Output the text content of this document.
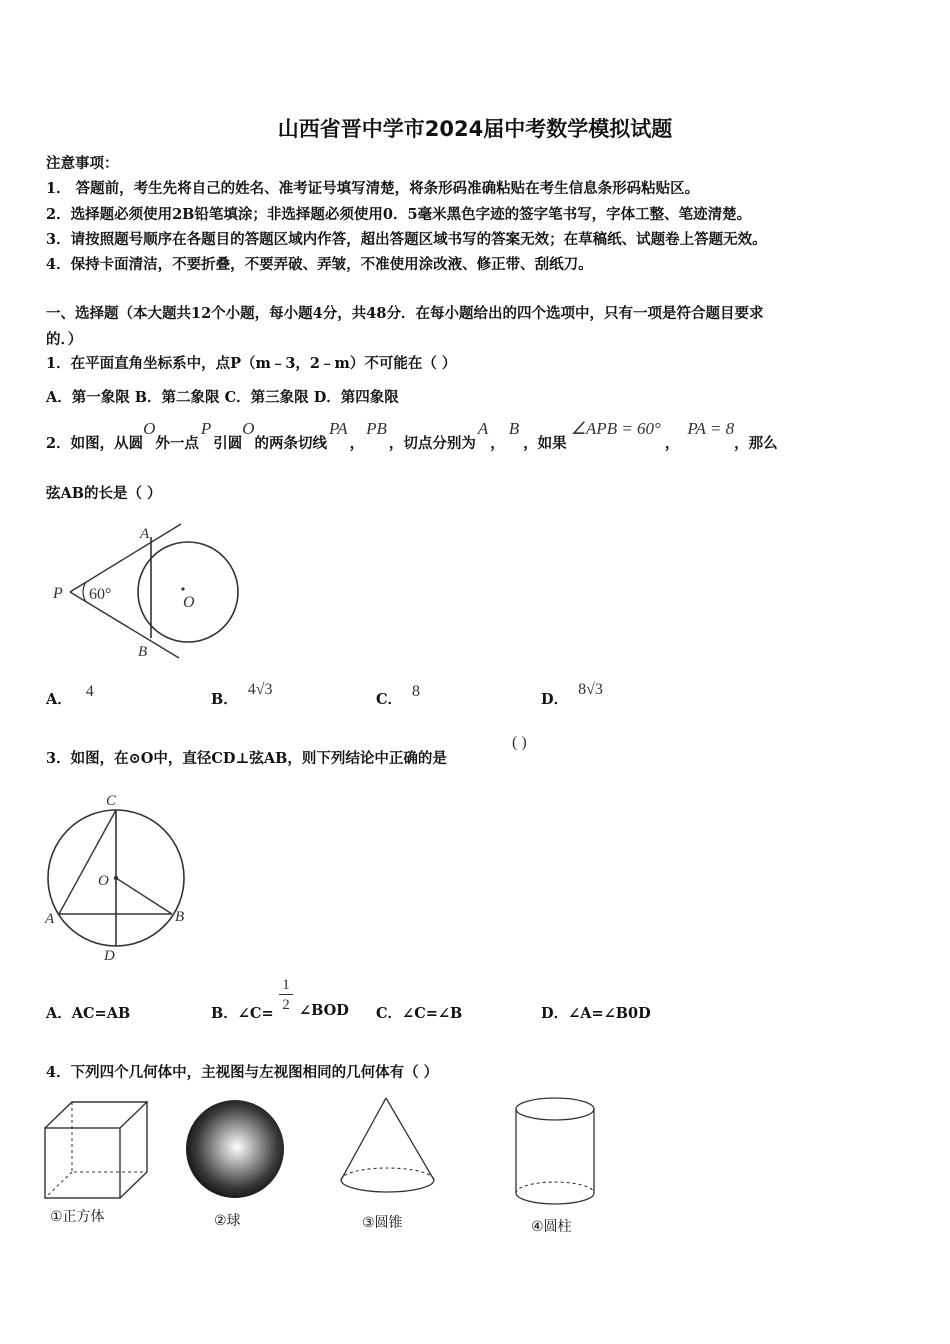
山西省晋中学市2024届中考数学模拟试题
注意事项：
1． 答题前，考生先将自己的姓名、准考证号填写清楚，将条形码准确粘贴在考生信息条形码粘贴区。
2．选择题必须使用2B铅笔填涂；非选择题必须使用0．5毫米黑色字迹的签字笔书写，字体工整、笔迹清楚。
3．请按照题号顺序在各题目的答题区域内作答，超出答题区域书写的答案无效；在草稿纸、试题卷上答题无效。
4．保持卡面清洁，不要折叠，不要弄破、弄皱，不准使用涂改液、修正带、刮纸刀。
一、选择题（本大题共12个小题，每小题4分，共48分．在每小题给出的四个选项中，只有一项是符合题目要求
的．）
1．在平面直角坐标系中，点P（m﹣3，2﹣m）不可能在（ ）
A．第一象限 B．第二象限 C．第三象限 D．第四象限
2．如图，从圆O外一点P引圆O的两条切线PA，PB，切点分别为A，B，如果∠APB = 60°，PA = 8，那么
弦AB的长是（ ）
A
B
P
O
60°
A． 4	B．4√3
C． 8	D．8√3
3．如图，在⊙O中，直径CD⊥弦AB，则下列结论中正确的是
( )
C
O
A	B
D
A．AC=AB	B．∠C=
1
2 ∠BOD C．∠C=∠B	D．∠A=∠B0D
4．下列四个几何体中，主视图与左视图相同的几何体有（ ）
①正方体	②球	③圆锥	④圆柱
